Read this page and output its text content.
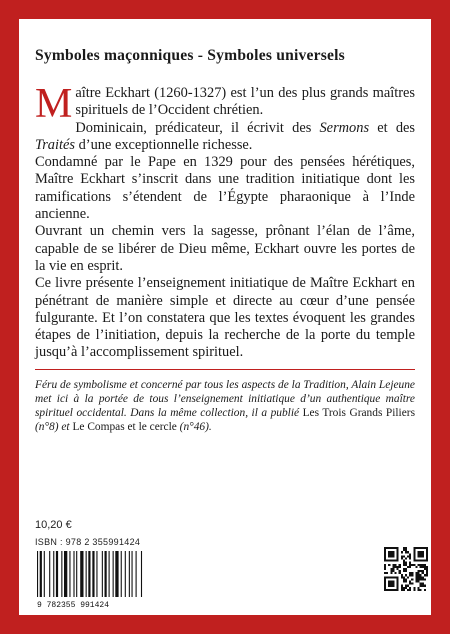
Symboles maçonniques - Symboles universels

Maître Eckhart (1260-1327) est l’un des plus grands maîtres spirituels de l’Occident chrétien.

Dominicain, prédicateur, il écrivit des Sermons et des Traités d’une exceptionnelle richesse.

Condamné par le Pape en 1329 pour des pensées hérétiques, Maître Eckhart s’inscrit dans une tradition initiatique dont les ramifications s’étendent de l’Égypte pharaonique à l’Inde ancienne.

Ouvrant un chemin vers la sagesse, prônant l’élan de l’âme, capable de se libérer de Dieu même, Eckhart ouvre les portes de la vie en esprit.

Ce livre présente l’enseignement initiatique de Maître Eckhart en pénétrant de manière simple et directe au cœur d’une pensée fulgurante. Et l’on constatera que les textes évoquent les grandes étapes de l’initiation, depuis la recherche de la porte du temple jusqu’à l’accomplissement spirituel.

Féru de symbolisme et concerné par tous les aspects de la Tradition, Alain Lejeune met ici à la portée de tous l’enseignement initiatique d’un authentique maître spirituel occidental. Dans la même collection, il a publié Les Trois Grands Piliers (n°8) et Le Compas et le cercle (n°46).

10,20 €
ISBN : 978 2 355991424
9 782355 991424
